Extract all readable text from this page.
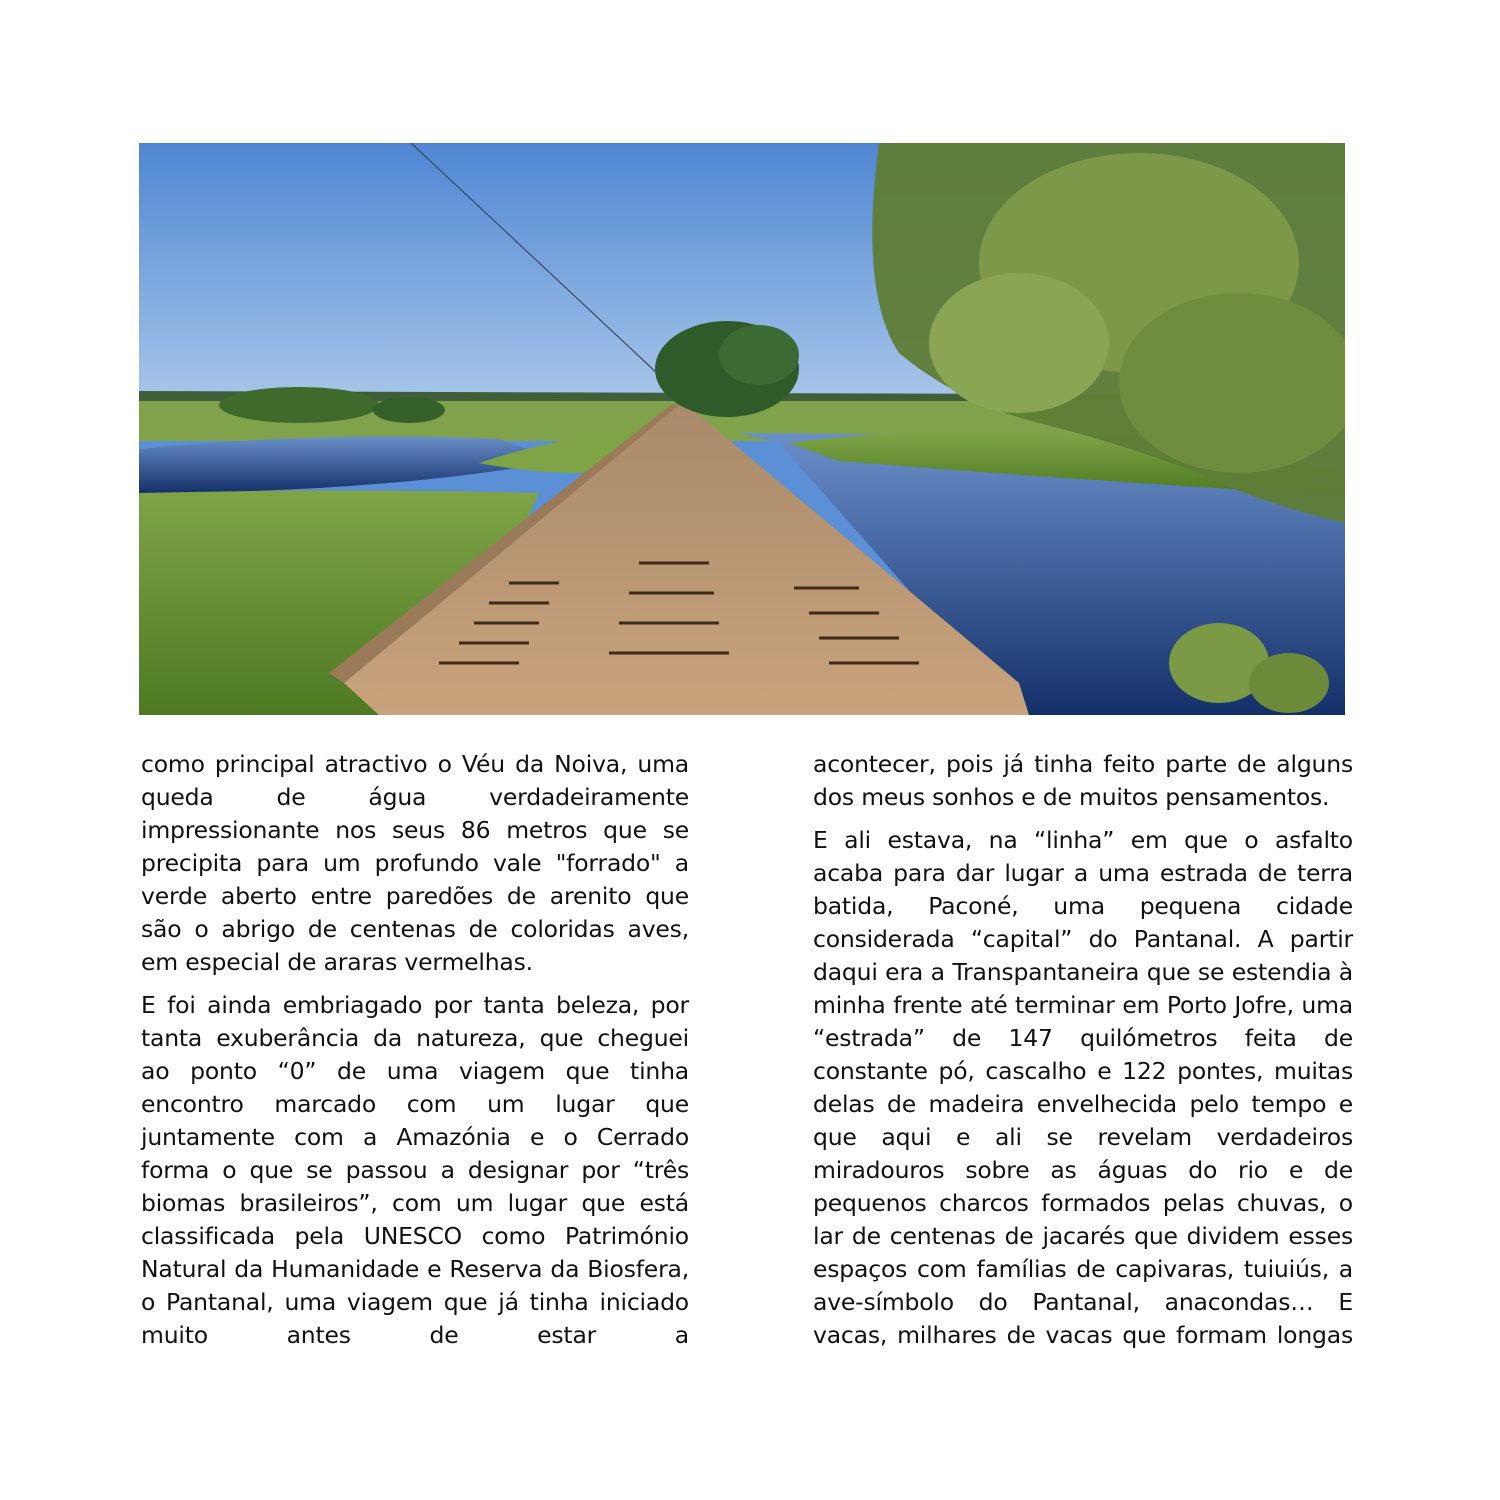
como principal atractivo o Véu da Noiva, uma queda de água verdadeiramente impressionante nos seus 86 metros que se precipita para um profundo vale "forrado" a verde aberto entre paredões de arenito que são o abrigo de centenas de coloridas aves, em especial de araras vermelhas.

E foi ainda embriagado por tanta beleza, por tanta exuberância da natureza, que cheguei ao ponto “0” de uma viagem que tinha encontro marcado com um lugar que juntamente com a Amazónia e o Cerrado forma o que se passou a designar por “três biomas brasileiros”, com um lugar que está classificada pela UNESCO como Património Natural da Humanidade e Reserva da Biosfera, o Pantanal, uma viagem que já tinha iniciado muito antes de estar a

acontecer, pois já tinha feito parte de alguns dos meus sonhos e de muitos pensamentos.

E ali estava, na “linha” em que o asfalto acaba para dar lugar a uma estrada de terra batida, Paconé, uma pequena cidade considerada “capital” do Pantanal. A partir daqui era a Transpantaneira que se estendia à minha frente até terminar em Porto Jofre, uma “estrada” de 147 quilómetros feita de constante pó, cascalho e 122 pontes, muitas delas de madeira envelhecida pelo tempo e que aqui e ali se revelam verdadeiros miradouros sobre as águas do rio e de pequenos charcos formados pelas chuvas, o lar de centenas de jacarés que dividem esses espaços com famílias de capivaras, tuiuiús, a ave-símbolo do Pantanal, anacondas… E vacas, milhares de vacas que formam longas
